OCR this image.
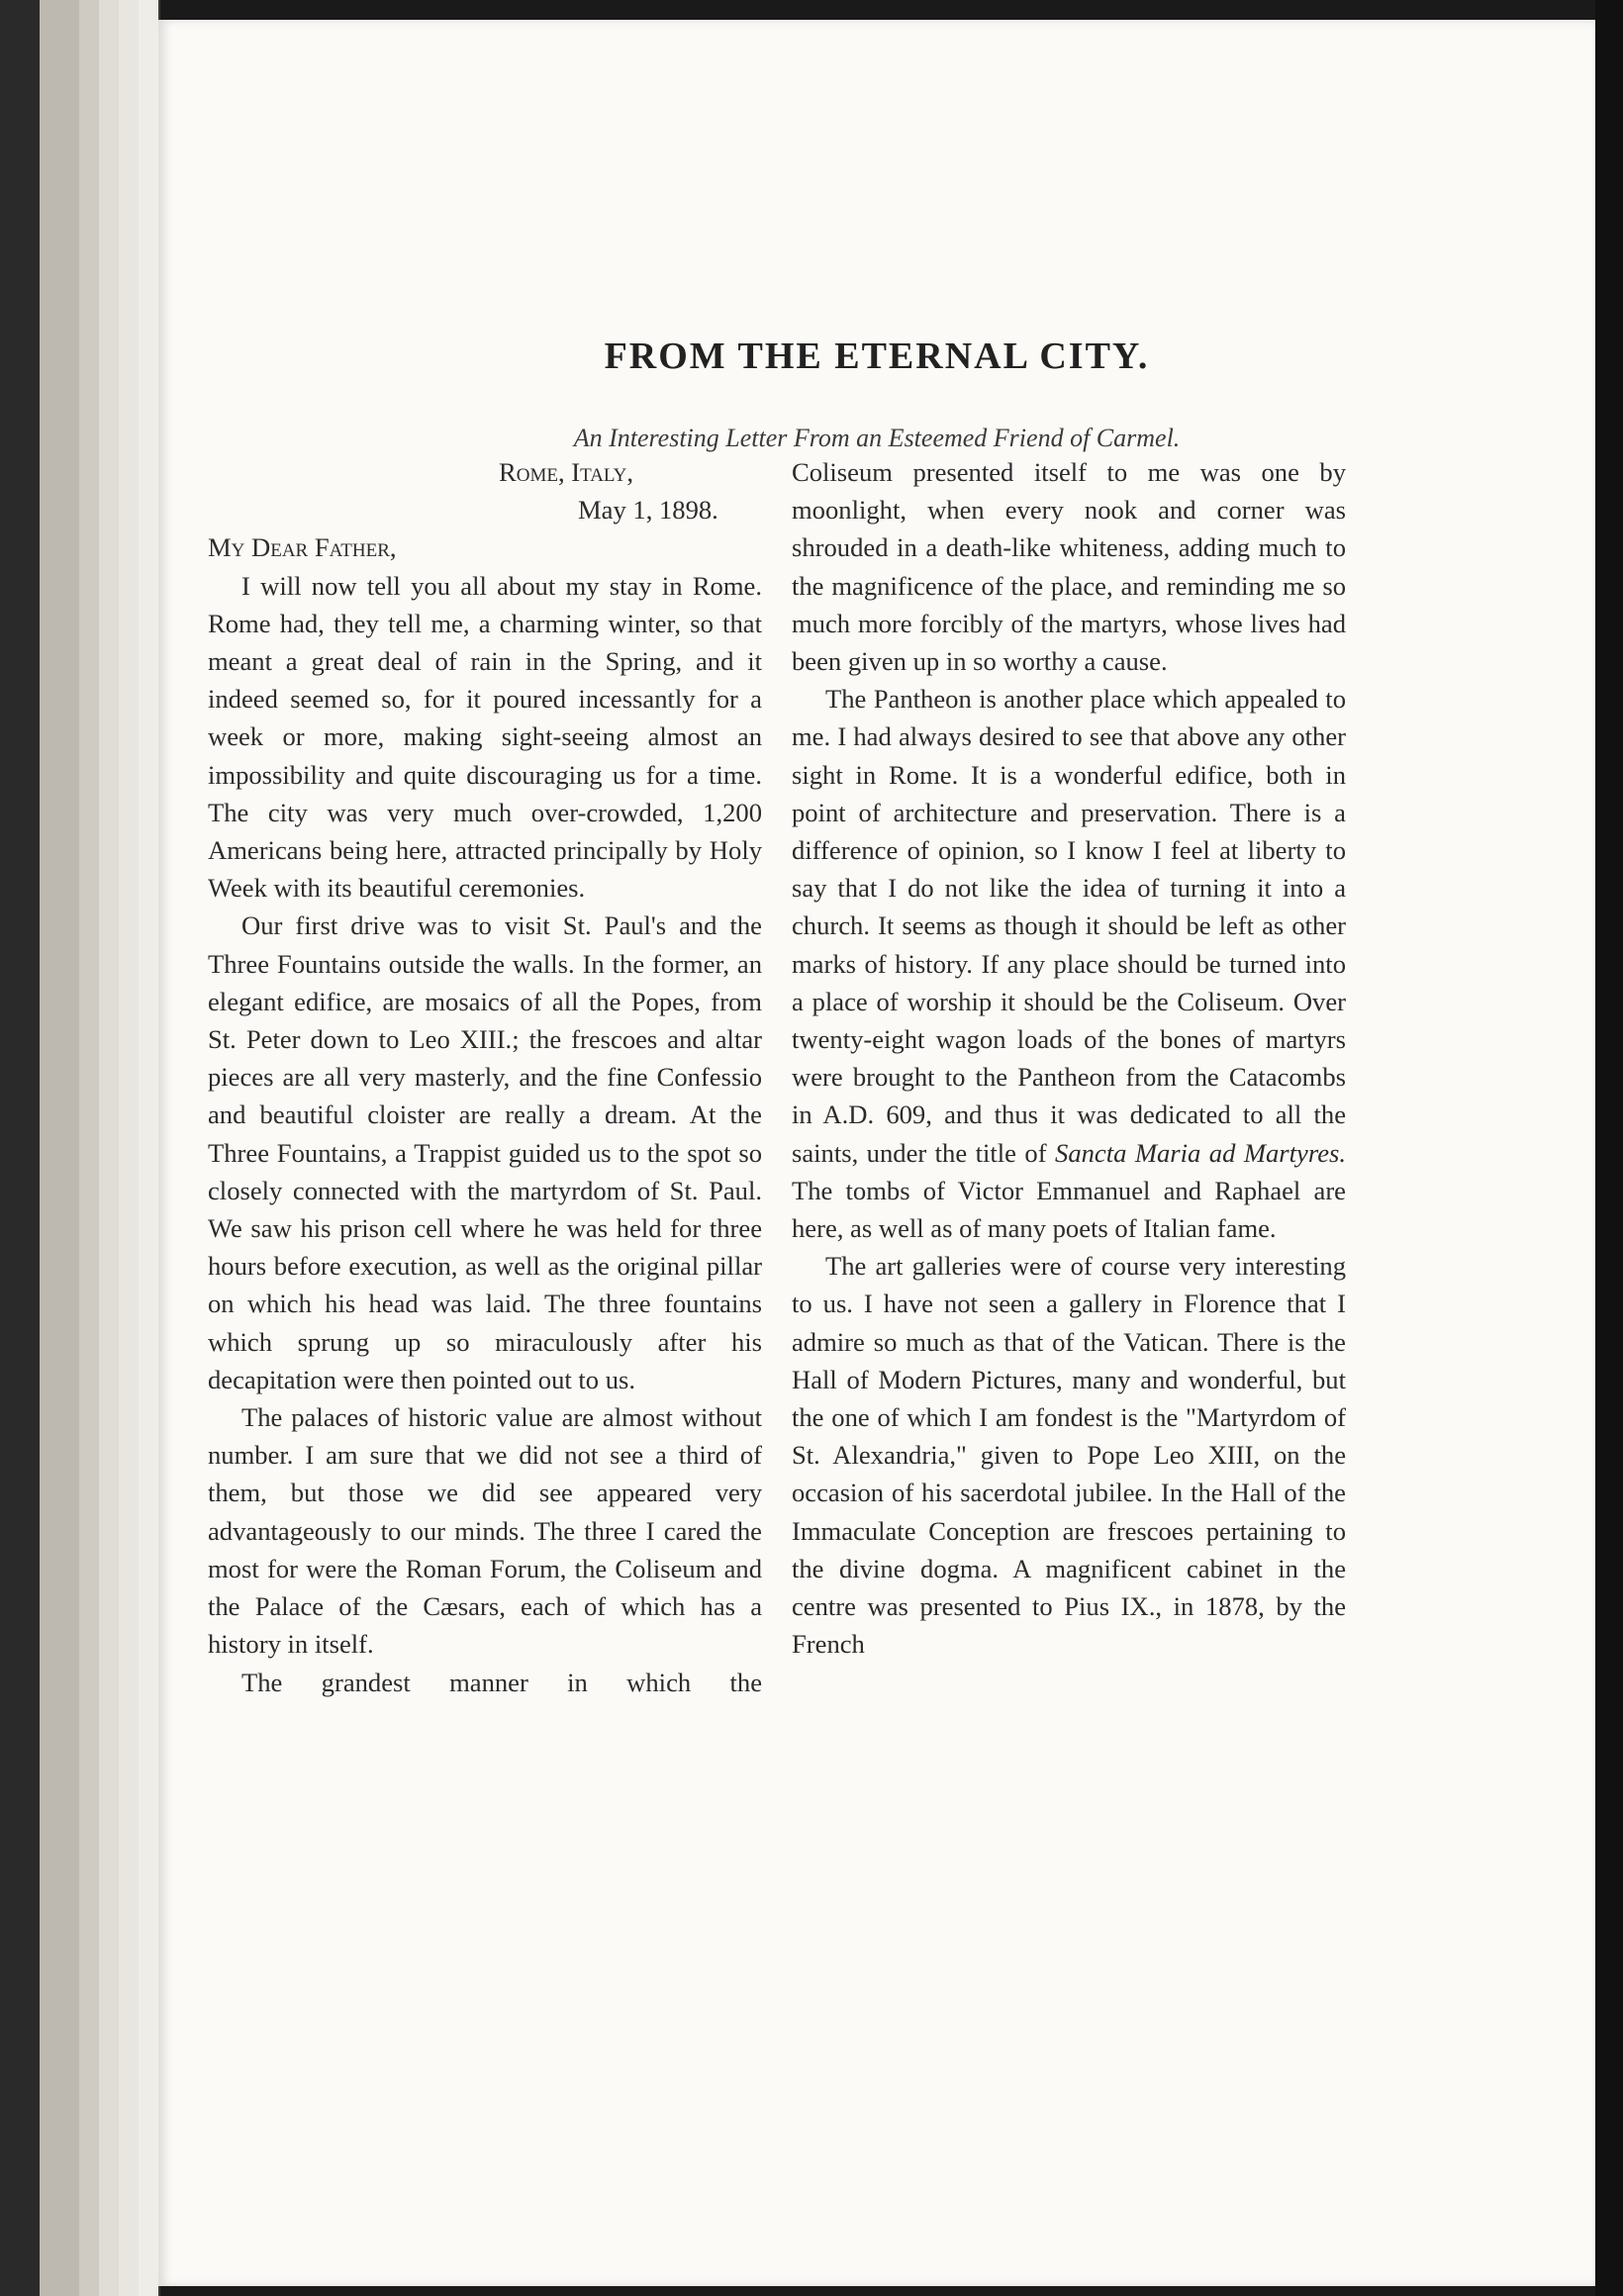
FROM THE ETERNAL CITY.
An Interesting Letter From an Esteemed Friend of Carmel.

Rome, Italy,

May 1, 1898.

My Dear Father,

I will now tell you all about my stay in Rome. Rome had, they tell me, a charming winter, so that meant a great deal of rain in the Spring, and it indeed seemed so, for it poured incessantly for a week or more, making sight-seeing almost an impossibility and quite discouraging us for a time. The city was very much over-crowded, 1,200 Americans being here, attracted principally by Holy Week with its beautiful ceremonies.

Our first drive was to visit St. Paul's and the Three Fountains outside the walls. In the former, an elegant edifice, are mosaics of all the Popes, from St. Peter down to Leo XIII.; the frescoes and altar pieces are all very masterly, and the fine Confessio and beautiful cloister are really a dream. At the Three Fountains, a Trappist guided us to the spot so closely connected with the martyrdom of St. Paul. We saw his prison cell where he was held for three hours before execution, as well as the original pillar on which his head was laid. The three fountains which sprung up so miraculously after his decapitation were then pointed out to us.

The palaces of historic value are almost without number. I am sure that we did not see a third of them, but those we did see appeared very advantageously to our minds. The three I cared the most for were the Roman Forum, the Coliseum and the Palace of the Cæsars, each of which has a history in itself.

The grandest manner in which the

Coliseum presented itself to me was one by moonlight, when every nook and corner was shrouded in a death-like whiteness, adding much to the magnificence of the place, and reminding me so much more forcibly of the martyrs, whose lives had been given up in so worthy a cause.

The Pantheon is another place which appealed to me. I had always desired to see that above any other sight in Rome. It is a wonderful edifice, both in point of architecture and preservation. There is a difference of opinion, so I know I feel at liberty to say that I do not like the idea of turning it into a church. It seems as though it should be left as other marks of history. If any place should be turned into a place of worship it should be the Coliseum. Over twenty-eight wagon loads of the bones of martyrs were brought to the Pantheon from the Catacombs in A.D. 609, and thus it was dedicated to all the saints, under the title of Sancta Maria ad Martyres. The tombs of Victor Emmanuel and Raphael are here, as well as of many poets of Italian fame.

The art galleries were of course very interesting to us. I have not seen a gallery in Florence that I admire so much as that of the Vatican. There is the Hall of Modern Pictures, many and wonderful, but the one of which I am fondest is the "Martyrdom of St. Alexandria," given to Pope Leo XIII, on the occasion of his sacerdotal jubilee. In the Hall of the Immaculate Conception are frescoes pertaining to the divine dogma. A magnificent cabinet in the centre was presented to Pius IX., in 1878, by the French
